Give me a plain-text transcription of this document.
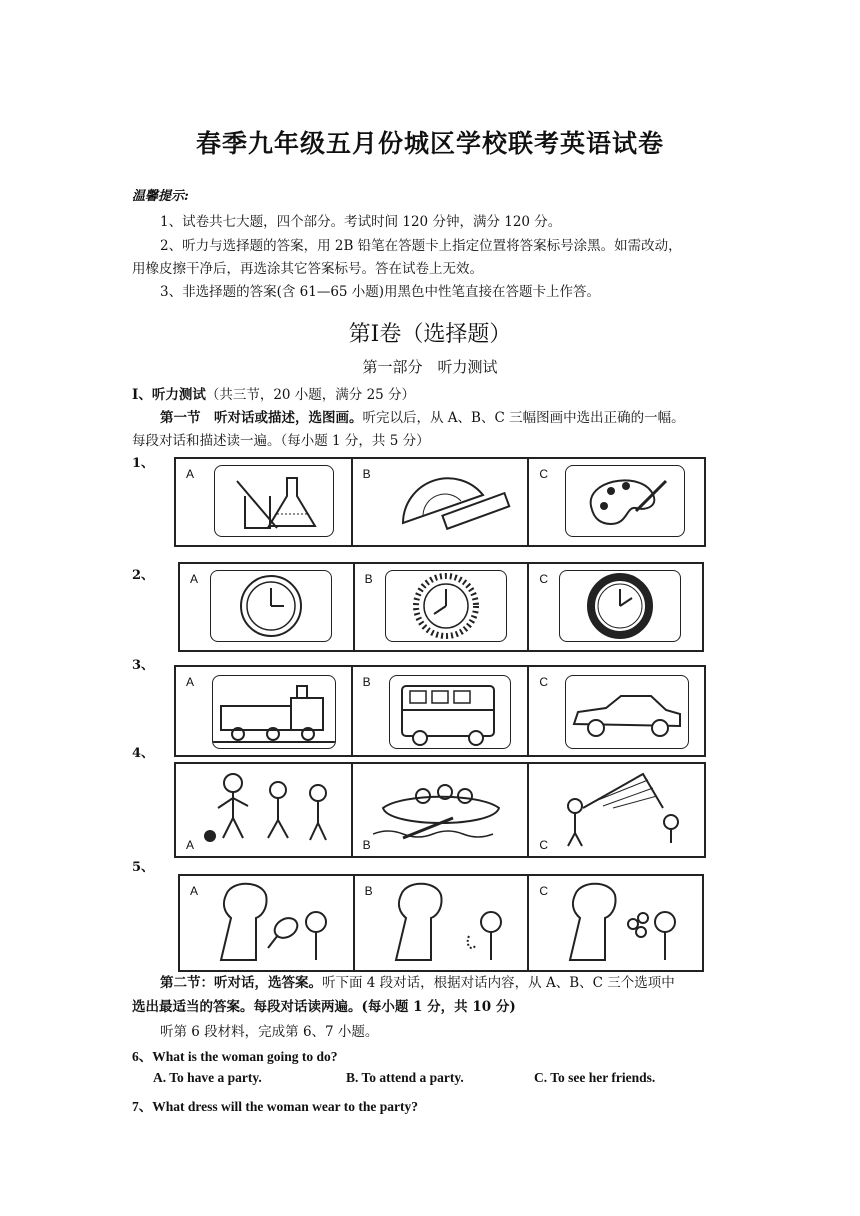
春季九年级五月份城区学校联考英语试卷
温馨提示:
1、试卷共七大题，四个部分。考试时间 120 分钟，满分 120 分。
2、听力与选择题的答案，用 2B 铅笔在答题卡上指定位置将答案标号涂黑。如需改动，
用橡皮擦干净后，再选涂其它答案标号。答在试卷上无效。
3、非选择题的答案(含 61—65 小题)用黑色中性笔直接在答题卡上作答。
第Ⅰ卷（选择题）
第一部分　听力测试
Ⅰ、听力测试（共三节，20 小题，满分 25 分）
第一节　听对话或描述，选图画。听完以后，从 A、B、C 三幅图画中选出正确的一幅。
每段对话和描述读一遍。（每小题 1 分，共 5 分）
1、
A	B	C
2、	A	B	C
3、
A	B	C
4、
A	B	C
5、
A	B	C
第二节：听对话，选答案。听下面 4 段对话，根据对话内容，从 A、B、C 三个选项中
选出最适当的答案。每段对话读两遍。(每小题 1 分，共 10 分)
听第 6 段材料，完成第 6、7 小题。
6、What is the woman going to do?
A. To have a party.	B. To attend a party.	C. To see her friends.
7、What dress will the woman wear to the party?
